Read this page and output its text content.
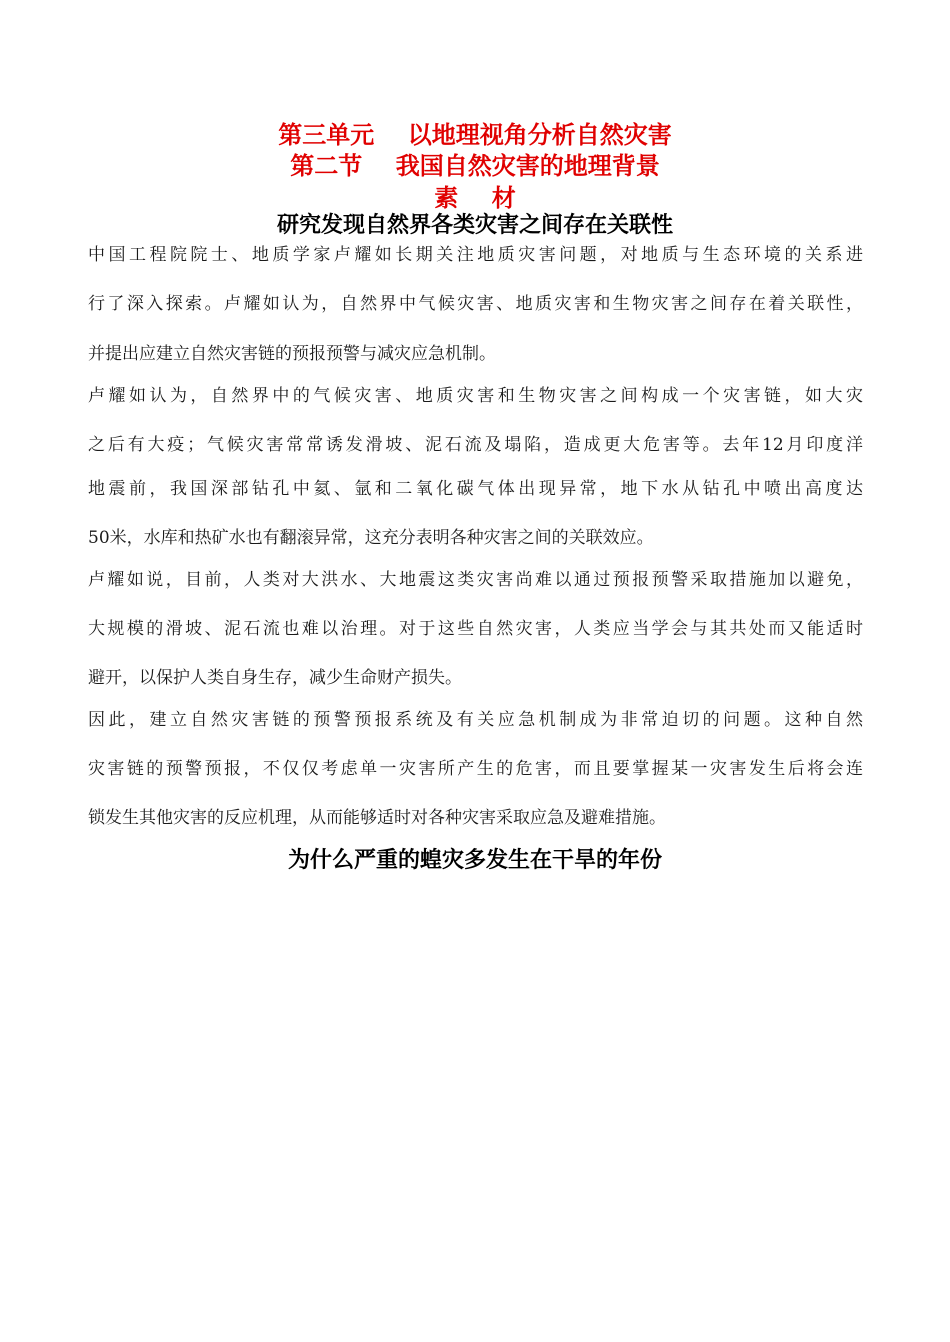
第三单元    以地理视角分析自然灾害
第二节    我国自然灾害的地理背景
素    材
研究发现自然界各类灾害之间存在关联性
中国工程院院士、地质学家卢耀如长期关注地质灾害问题，对地质与生态环境的关系进
行了深入探索。卢耀如认为，自然界中气候灾害、地质灾害和生物灾害之间存在着关联性，
并提出应建立自然灾害链的预报预警与减灾应急机制。
卢耀如认为，自然界中的气候灾害、地质灾害和生物灾害之间构成一个灾害链，如大灾
之后有大疫；气候灾害常常诱发滑坡、泥石流及塌陷，造成更大危害等。去年12月印度洋
地震前，我国深部钻孔中氦、氩和二氧化碳气体出现异常，地下水从钻孔中喷出高度达
50米，水库和热矿水也有翻滚异常，这充分表明各种灾害之间的关联效应。
卢耀如说，目前，人类对大洪水、大地震这类灾害尚难以通过预报预警采取措施加以避免，
大规模的滑坡、泥石流也难以治理。对于这些自然灾害，人类应当学会与其共处而又能适时
避开，以保护人类自身生存，减少生命财产损失。
因此，建立自然灾害链的预警预报系统及有关应急机制成为非常迫切的问题。这种自然
灾害链的预警预报，不仅仅考虑单一灾害所产生的危害，而且要掌握某一灾害发生后将会连
锁发生其他灾害的反应机理，从而能够适时对各种灾害采取应急及避难措施。
为什么严重的蝗灾多发生在干旱的年份
